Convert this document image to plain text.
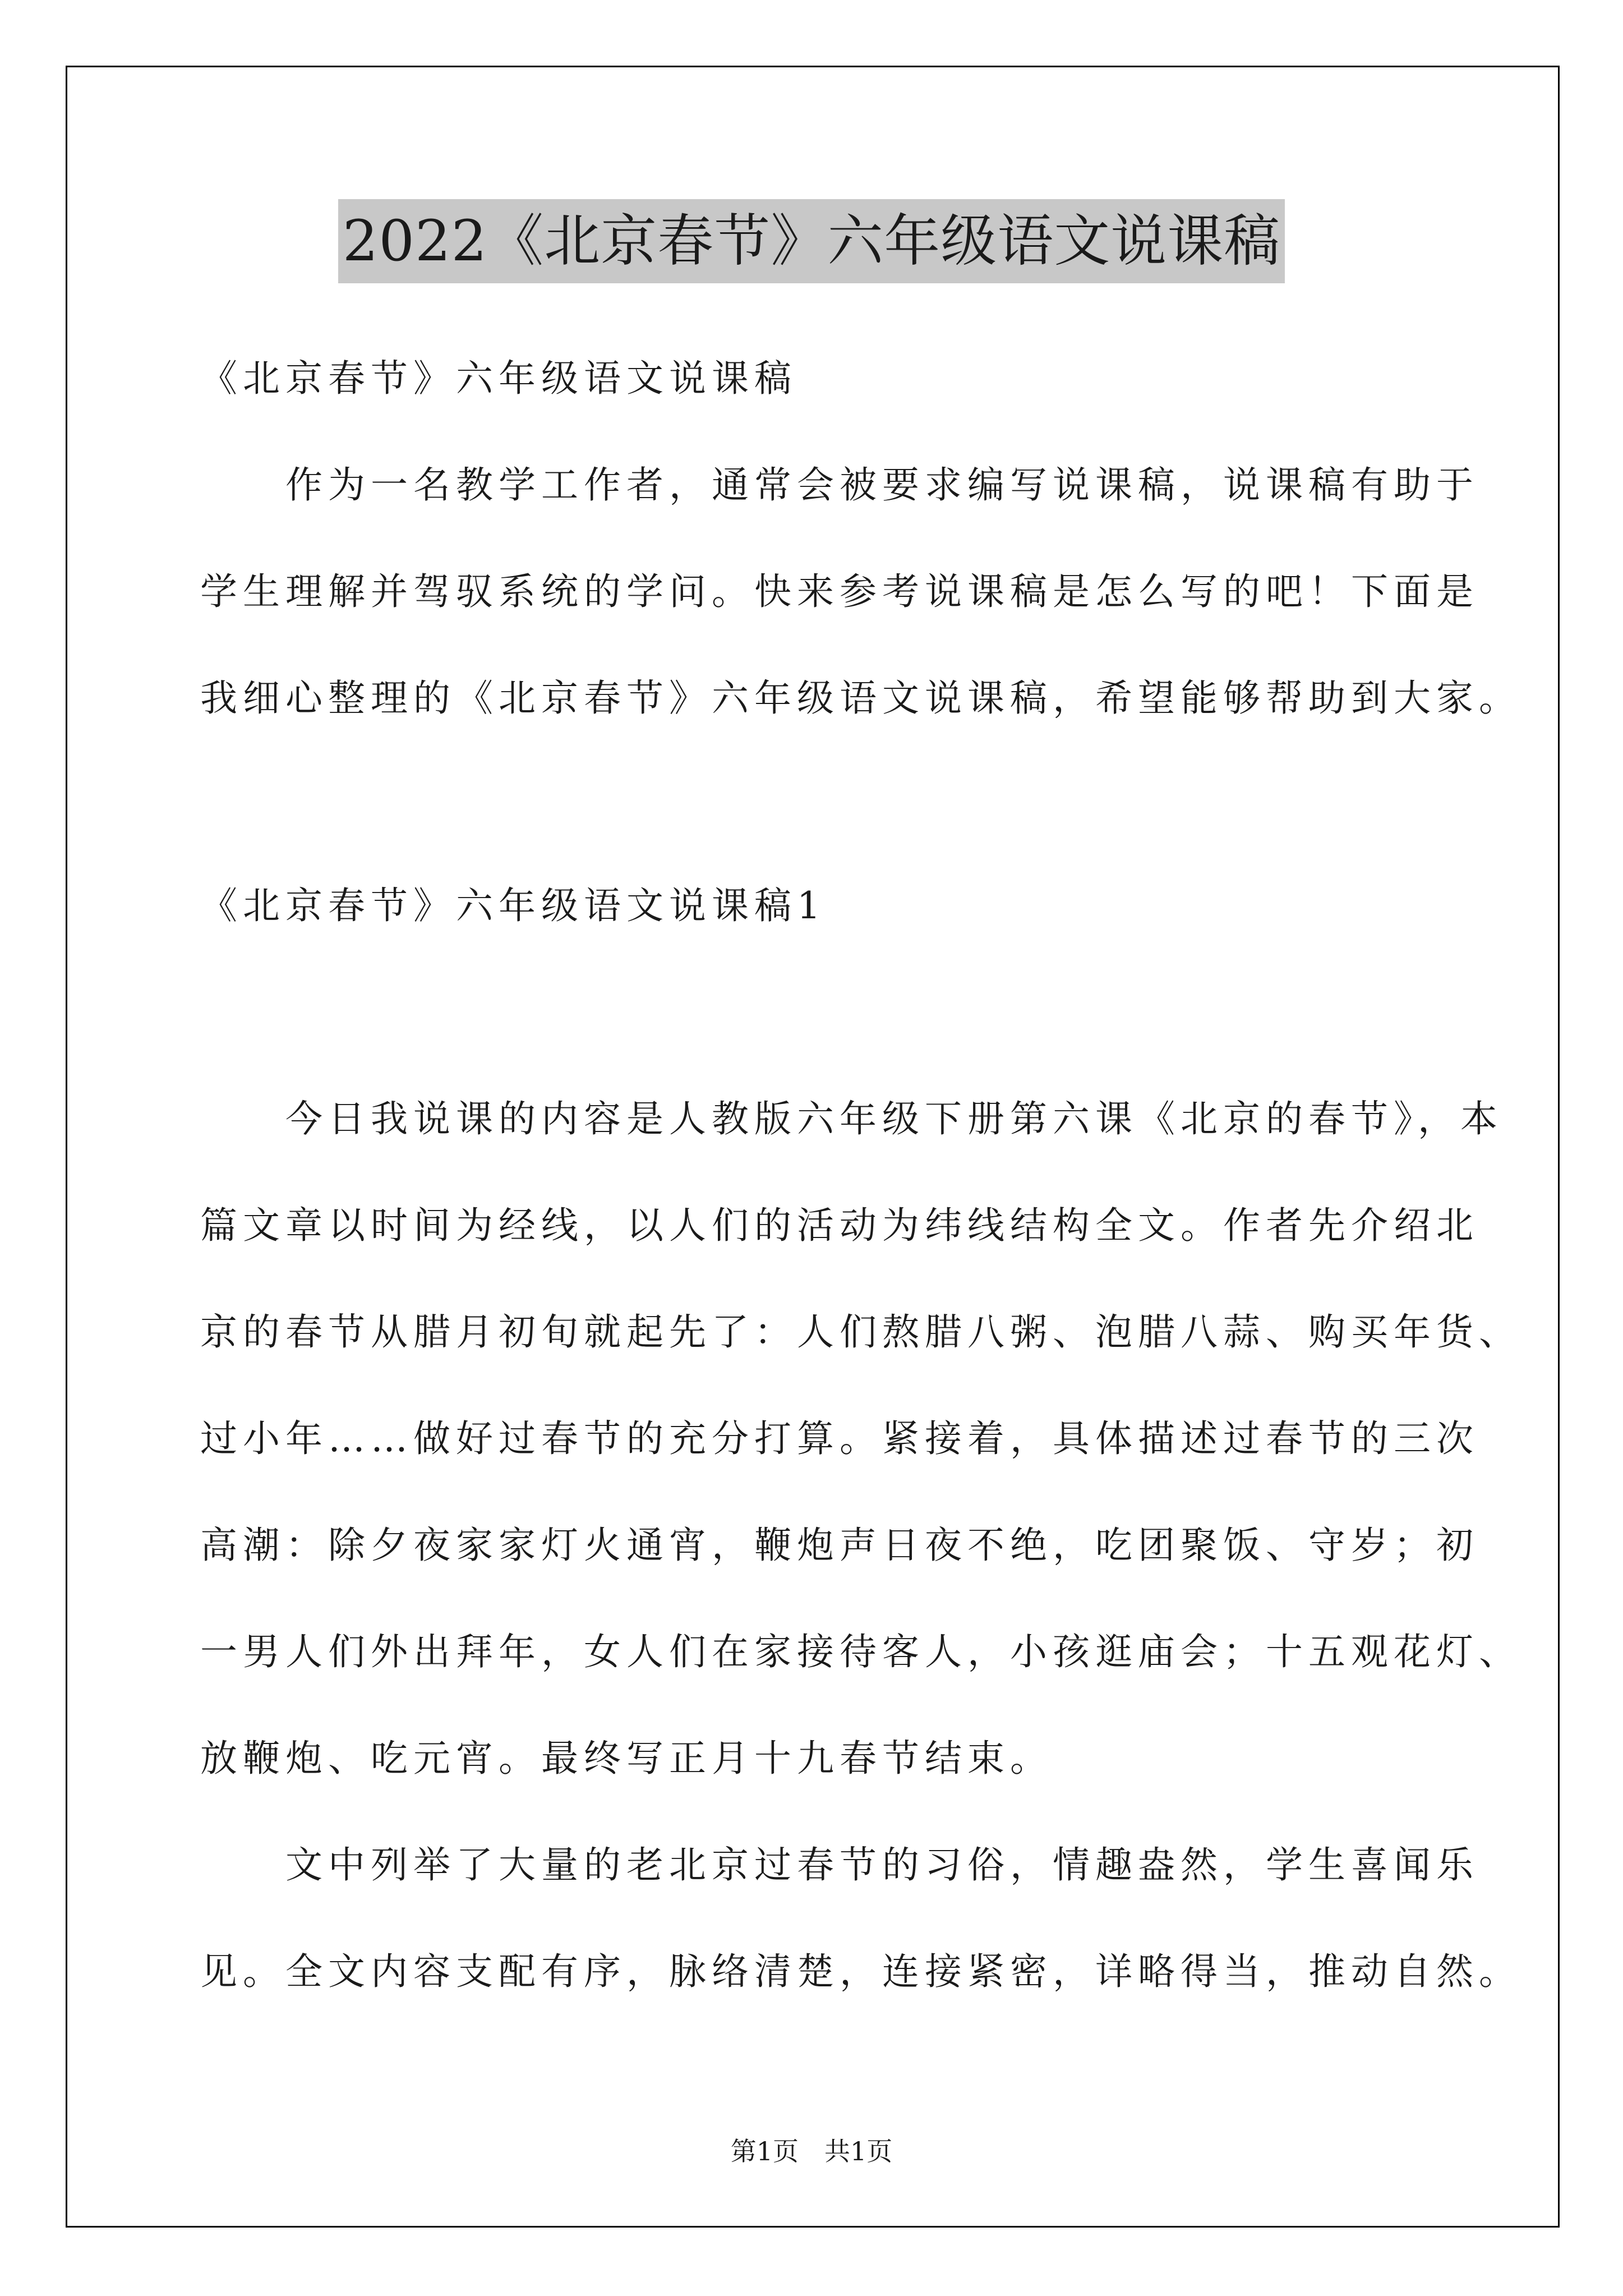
2022《北京春节》六年级语文说课稿
《北京春节》六年级语文说课稿
　　作为一名教学工作者，通常会被要求编写说课稿，说课稿有助于
学生理解并驾驭系统的学问。快来参考说课稿是怎么写的吧！下面是
我细心整理的《北京春节》六年级语文说课稿，希望能够帮助到大家。
《北京春节》六年级语文说课稿1
　　今日我说课的内容是人教版六年级下册第六课《北京的春节》，本
篇文章以时间为经线，以人们的活动为纬线结构全文。作者先介绍北
京的春节从腊月初旬就起先了：人们熬腊八粥、泡腊八蒜、购买年货、
过小年……做好过春节的充分打算。紧接着，具体描述过春节的三次
高潮：除夕夜家家灯火通宵，鞭炮声日夜不绝，吃团聚饭、守岁；初
一男人们外出拜年，女人们在家接待客人，小孩逛庙会；十五观花灯、
放鞭炮、吃元宵。最终写正月十九春节结束。
　　文中列举了大量的老北京过春节的习俗，情趣盎然，学生喜闻乐
见。全文内容支配有序，脉络清楚，连接紧密，详略得当，推动自然。
第1页　共1页
